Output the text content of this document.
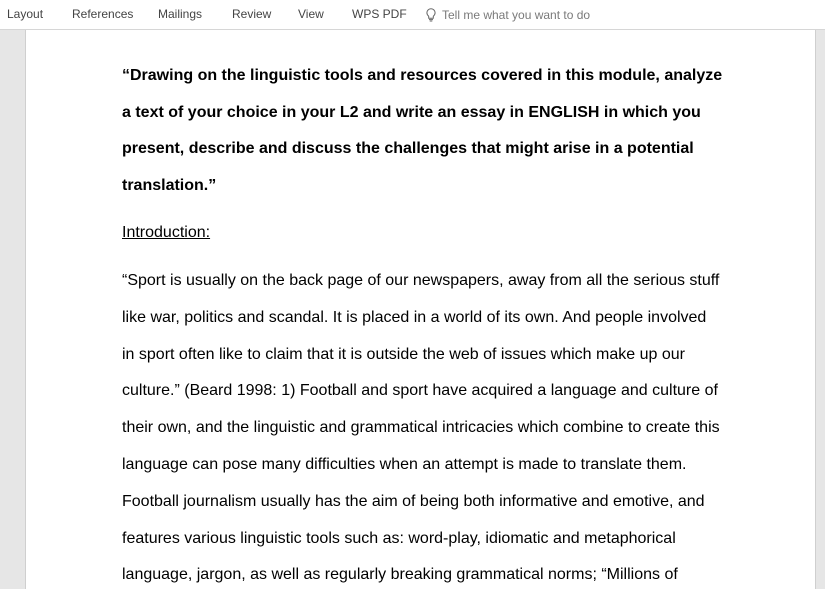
Layout References Mailings Review View WPS PDF	Tell me what you want to do
“Drawing on the linguistic tools and resources covered in this module, analyze
a text of your choice in your L2 and write an essay in ENGLISH in which you
present, describe and discuss the challenges that might arise in a potential
translation.”
Introduction:
“Sport is usually on the back page of our newspapers, away from all the serious stuff
like war, politics and scandal. It is placed in a world of its own. And people involved
in sport often like to claim that it is outside the web of issues which make up our
culture.” (Beard 1998: 1) Football and sport have acquired a language and culture of
their own, and the linguistic and grammatical intricacies which combine to create this
language can pose many difficulties when an attempt is made to translate them.
Football journalism usually has the aim of being both informative and emotive, and
features various linguistic tools such as: word-play, idiomatic and metaphorical
language, jargon, as well as regularly breaking grammatical norms; “Millions of
